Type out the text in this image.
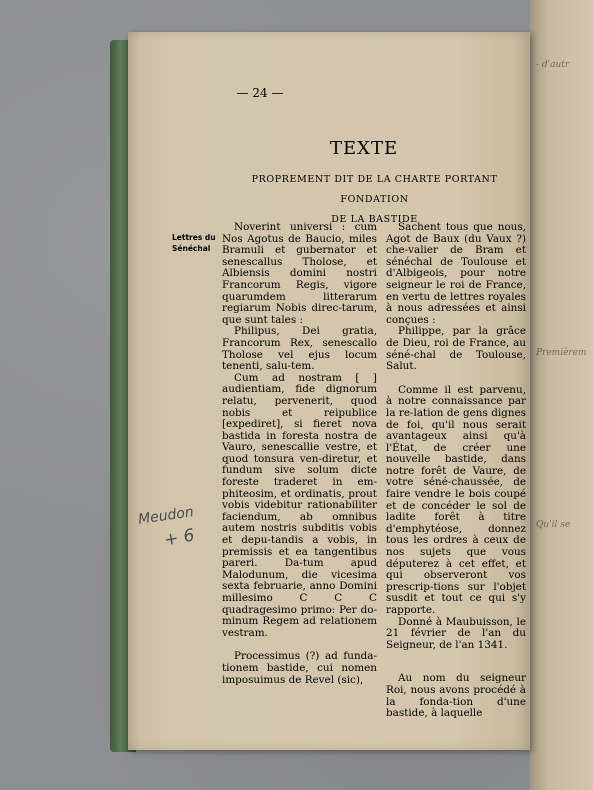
- d'autr
Premièrem
Qu'il se
— 24 —
TEXTE
PROPREMENT DIT DE LA CHARTE PORTANT FONDATION
DE LA BASTIDE
Lettres du
Sénéchal

Noverint universi : cum Nos Agotus de Baucio, miles Bramuli et gubernator et senescallus Tholose, et Albiensis domini nostri Francorum Regis, vigore quarumdem litterarum regiarum Nobis direc-tarum, que sunt tales :

Philipus, Dei gratia, Francorum Rex, senescallo Tholose vel ejus locum tenenti, salu-tem.

Cum ad nostram [ ] audientiam, fide dignorum relatu, pervenerit, quod nobis et reipublice [expediret], si fieret nova bastida in foresta nostra de Vauro, senescallie vestre, et quod tonsura ven-diretur, et fundum sive solum dicte foreste traderet in em-phiteosim, et ordinatis, prout vobis videbitur rationabiliter faciendum, ab omnibus autem nostris subditis vobis et depu-tandis a vobis, in premissis et ea tangentibus pareri. Da-tum apud Malodunum, die vicesima sexta februarie, anno Domini millesimo C C C quadragesimo primo: Per do-minum Regem ad relationem vestram.

Processimus (?) ad funda-tionem bastide, cui nomen imposuimus de Revel (sic),

Sachent tous que nous, Agot de Baux (du Vaux ?) che-valier de Bram et sénéchal de Toulouse et d'Albigeois, pour notre seigneur le roi de France, en vertu de lettres royales à nous adressées et ainsi conçues :

Philippe, par la grâce de Dieu, roi de France, au séné-chal de Toulouse, Salut.

Comme il est parvenu, à notre connaissance par la re-lation de gens dignes de foi, qu'il nous serait avantageux ainsi qu'à l'État, de créer une nouvelle bastide, dans notre forêt de Vaure, de votre séné-chaussée, de faire vendre le bois coupé et de concéder le sol de ladite forêt à titre d'emphytéose, donnez tous les ordres à ceux de nos sujets que vous députerez à cet effet, et qui observeront vos prescrip-tions sur l'objet susdit et tout ce qui s'y rapporte.

Donné à Maubuisson, le 21 février de l'an du Seigneur, de l'an 1341.

Au nom du seigneur Roi, nous avons procédé à la fonda-tion d'une bastide, à laquelle

Meudon
+ 6
